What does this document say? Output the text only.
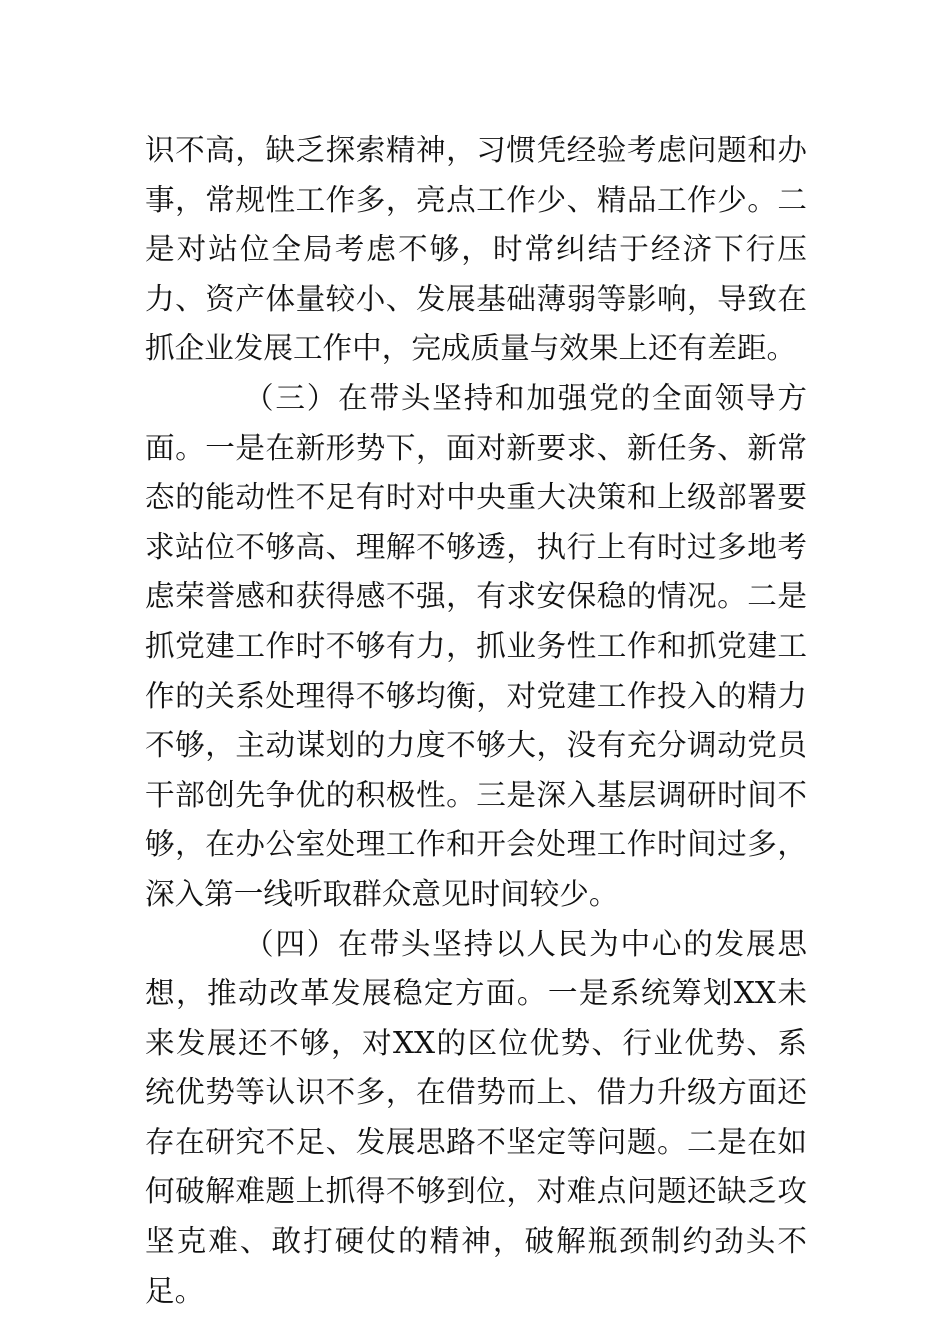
识不高，缺乏探索精神，习惯凭经验考虑问题和办事，常规性工作多，亮点工作少、精品工作少。二是对站位全局考虑不够，时常纠结于经济下行压力、资产体量较小、发展基础薄弱等影响，导致在抓企业发展工作中，完成质量与效果上还有差距。

（三）在带头坚持和加强党的全面领导方面。一是在新形势下，面对新要求、新任务、新常态的能动性不足有时对中央重大决策和上级部署要求站位不够高、理解不够透，执行上有时过多地考虑荣誉感和获得感不强，有求安保稳的情况。二是抓党建工作时不够有力，抓业务性工作和抓党建工作的关系处理得不够均衡，对党建工作投入的精力不够，主动谋划的力度不够大，没有充分调动党员干部创先争优的积极性。三是深入基层调研时间不够，在办公室处理工作和开会处理工作时间过多，深入第一线听取群众意见时间较少。

（四）在带头坚持以人民为中心的发展思想，推动改革发展稳定方面。一是系统筹划XX未来发展还不够，对XX的区位优势、行业优势、系统优势等认识不多，在借势而上、借力升级方面还存在研究不足、发展思路不坚定等问题。二是在如何破解难题上抓得不够到位，对难点问题还缺乏攻坚克难、敢打硬仗的精神，破解瓶颈制约劲头不足。
